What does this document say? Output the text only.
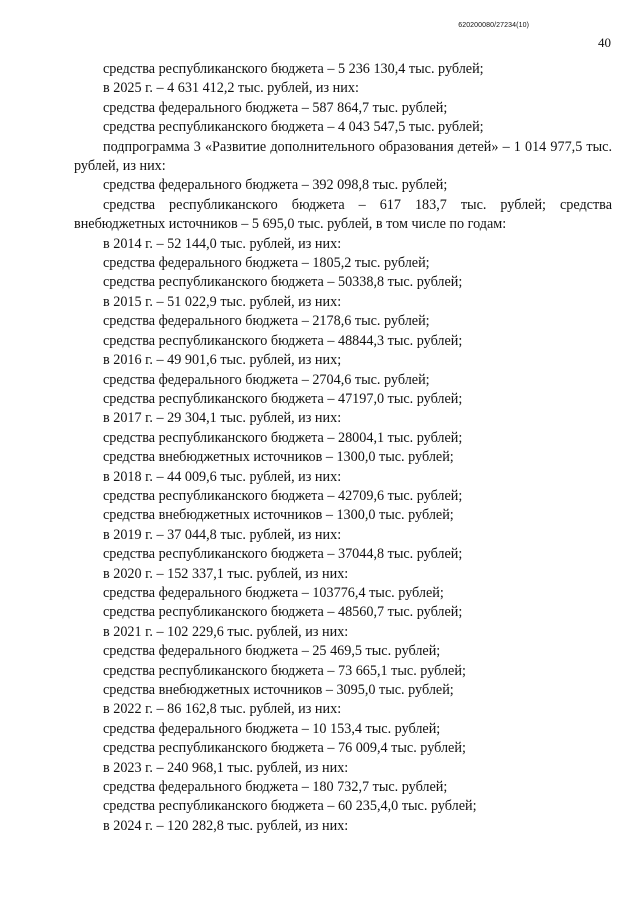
620200080/27234(10)
40

средства республиканского бюджета – 5 236 130,4 тыс. рублей;

в 2025 г. – 4 631 412,2 тыс. рублей, из них:

средства федерального бюджета – 587 864,7 тыс. рублей;

средства республиканского бюджета – 4 043 547,5 тыс. рублей;

подпрограмма 3 «Развитие дополнительного образования детей» – 1 014 977,5 тыс. рублей, из них:

средства федерального бюджета – 392 098,8 тыс. рублей;

средства республиканского бюджета – 617 183,7 тыс. рублей; средства внебюджетных источников – 5 695,0 тыс. рублей, в том числе по годам:

в 2014 г. – 52 144,0 тыс. рублей, из них:

средства федерального бюджета – 1805,2 тыс. рублей;

средства республиканского бюджета – 50338,8 тыс. рублей;

в 2015 г. – 51 022,9 тыс. рублей, из них:

средства федерального бюджета – 2178,6 тыс. рублей;

средства республиканского бюджета – 48844,3 тыс. рублей;

в 2016 г. – 49 901,6 тыс. рублей, из них;

средства федерального бюджета – 2704,6 тыс. рублей;

средства республиканского бюджета – 47197,0 тыс. рублей;

в 2017 г. – 29 304,1 тыс. рублей, из них:

средства республиканского бюджета – 28004,1 тыс. рублей;

средства внебюджетных источников – 1300,0 тыс. рублей;

в 2018 г. – 44 009,6 тыс. рублей, из них:

средства республиканского бюджета – 42709,6 тыс. рублей;

средства внебюджетных источников – 1300,0 тыс. рублей;

в 2019 г. – 37 044,8 тыс. рублей, из них:

средства республиканского бюджета – 37044,8 тыс. рублей;

в 2020 г. – 152 337,1 тыс. рублей, из них:

средства федерального бюджета – 103776,4 тыс. рублей;

средства республиканского бюджета – 48560,7 тыс. рублей;

в 2021 г. – 102 229,6 тыс. рублей, из них:

средства федерального бюджета – 25 469,5 тыс. рублей;

средства республиканского бюджета – 73 665,1 тыс. рублей;

средства внебюджетных источников – 3095,0 тыс. рублей;

в 2022 г. – 86 162,8 тыс. рублей, из них:

средства федерального бюджета – 10 153,4 тыс. рублей;

средства республиканского бюджета – 76 009,4 тыс. рублей;

в 2023 г. – 240 968,1 тыс. рублей, из них:

средства федерального бюджета – 180 732,7 тыс. рублей;

средства республиканского бюджета – 60 235,4,0 тыс. рублей;

в 2024 г. – 120 282,8 тыс. рублей, из них:
